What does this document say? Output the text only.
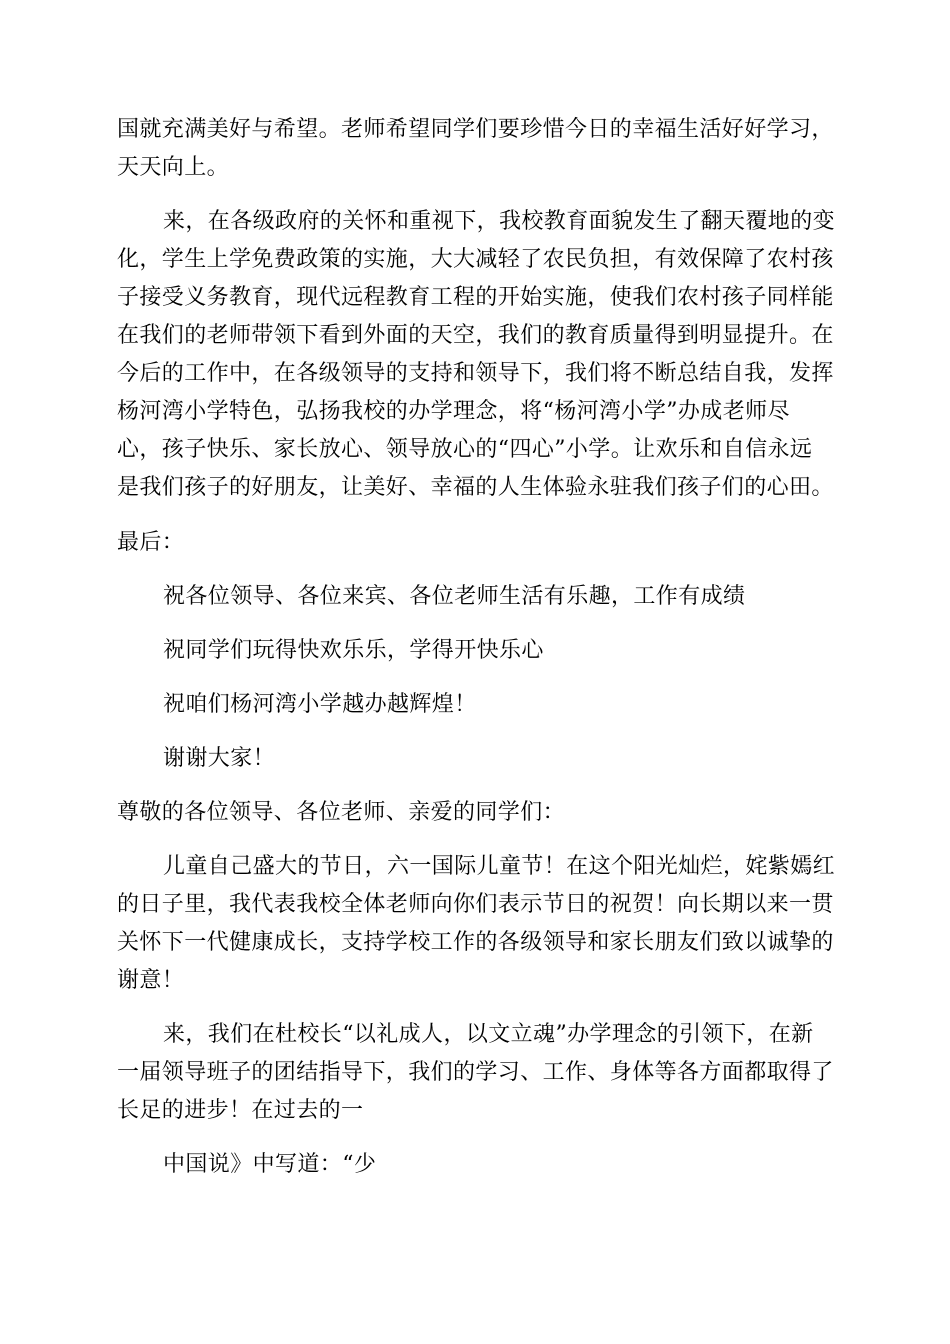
国就充满美好与希望。老师希望同学们要珍惜今日的幸福生活好好学习，
天天向上。
来，在各级政府的关怀和重视下，我校教育面貌发生了翻天覆地的变
化，学生上学免费政策的实施，大大减轻了农民负担，有效保障了农村孩
子接受义务教育，现代远程教育工程的开始实施，使我们农村孩子同样能
在我们的老师带领下看到外面的天空，我们的教育质量得到明显提升。在
今后的工作中，在各级领导的支持和领导下，我们将不断总结自我，发挥
杨河湾小学特色，弘扬我校的办学理念，将“杨河湾小学”办成老师尽
心，孩子快乐、家长放心、领导放心的“四心”小学。让欢乐和自信永远
是我们孩子的好朋友，让美好、幸福的人生体验永驻我们孩子们的心田。
最后：
祝各位领导、各位来宾、各位老师生活有乐趣，工作有成绩
祝同学们玩得快欢乐乐，学得开快乐心
祝咱们杨河湾小学越办越辉煌！
谢谢大家！
尊敬的各位领导、各位老师、亲爱的同学们：
儿童自己盛大的节日，六一国际儿童节！在这个阳光灿烂，姹紫嫣红
的日子里，我代表我校全体老师向你们表示节日的祝贺！向长期以来一贯
关怀下一代健康成长，支持学校工作的各级领导和家长朋友们致以诚挚的
谢意！
来，我们在杜校长“以礼成人，以文立魂”办学理念的引领下，在新
一届领导班子的团结指导下，我们的学习、工作、身体等各方面都取得了
长足的进步！在过去的一
中国说》中写道：“少
